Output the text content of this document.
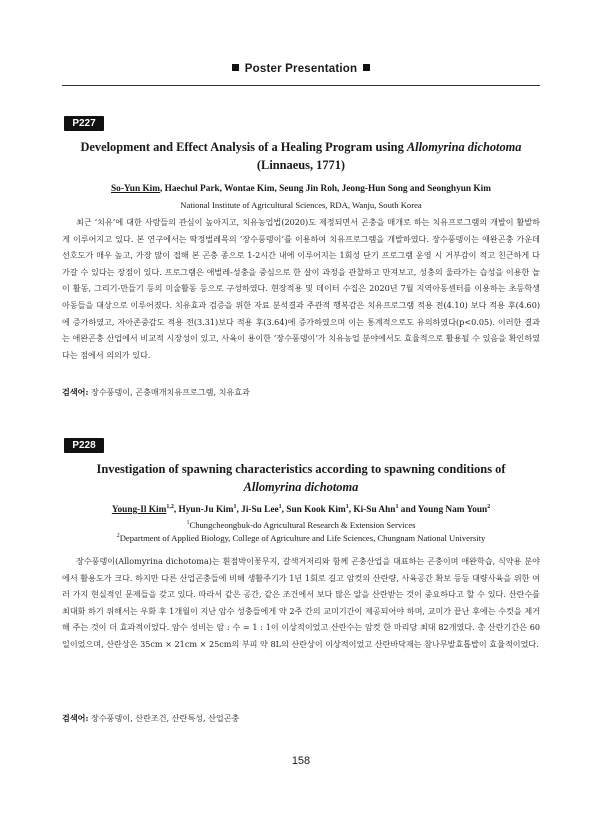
Poster Presentation
P227
Development and Effect Analysis of a Healing Program using Allomyrina dichotoma
(Linnaeus, 1771)
So-Yun Kim, Haechul Park, Wontae Kim, Seung Jin Roh, Jeong-Hun Song and Seonghyun Kim
National Institute of Agricultural Sciences, RDA, Wanju, South Korea
최근 ‘치유’에 대한 사람들의 관심이 높아지고, 치유농업법(2020)도 제정되면서 곤충을 매개로 하는 치유프로그램의 개발이 활발하게 이루어지고 있다. 본 연구에서는 딱정벌레목의 ‘장수풍뎅이’를 이용하여 치유프로그램을 개발하였다. 장수풍뎅이는 애완곤충 가운데 선호도가 매우 높고, 가장 많이 접해 본 곤충 종으로 1-2시간 내에 이루어지는 1회성 단기 프로그램 운영 시 거부감이 적고 친근하게 다가갈 수 있다는 장점이 있다. 프로그램은 애벌레-성충을 중심으로 한 살이 과정을 관찰하고 만져보고, 성충의 울라가는 습성을 이용한 놀이 활동, 그리기-만들기 등의 미술활동 등으로 구성하였다. 현장적용 및 데이터 수집은 2020년 7월 지역아동센터를 이용하는 초등학생 아동들을 대상으로 이루어졌다. 치유효과 검증을 위한 자료 분석결과 주관적 행복감은 치유프로그램 적용 전(4.10) 보다 적용 후(4.60)에 증가하였고, 자아존중감도 적용 전(3.31)보다 적용 후(3.64)에 증가하였으며 이는 통계적으로도 유의하였다(p<0.05). 이러한 결과는 애완곤충 산업에서 비교적 시장성이 있고, 사육이 용이한 ‘장수풍뎅이’가 치유농업 분야에서도 효율적으로 활용될 수 있음을 확인하였다는 점에서 의의가 있다.
검색어: 장수풍뎅이, 곤충매개치유프로그램, 치유효과
P228
Investigation of spawning characteristics according to spawning conditions of
Allomyrina dichotoma
Young-Il Kim$^{1,2}$, Hyun-Ju Kim$^1$, Ji-Su Lee$^1$, Sun Kook Kim$^1$, Ki-Su Ahn$^1$ and Young Nam Youn$^2$
$^1$Chungcheongbuk-do Agricultural Research & Extension Services
$^2$Department of Applied Biology, College of Agriculture and Life Sciences, Chungnam National University
장수풍뎅이(Allomyrina dichotoma)는 흰점박이꽃무지, 갈색거저리와 함께 곤충산업을 대표하는 곤충이며 애완학습, 식약용 분야에서 활용도가 크다. 하지만 다른 산업곤충들에 비해 생활주기가 1년 1회로 길고 암컷의 산란량, 사육공간 확보 등등 대량사육을 위한 여러 가지 현실적인 문제들을 갖고 있다. 따라서 같은 공간, 같은 조건에서 보다 많은 알을 산란받는 것이 중요하다고 할 수 있다. 산란수를 최대화 하기 위해서는 우화 후 1개월이 지난 암수 성충들에게 약 2주 간의 교미기간이 제공되어야 하며, 교미가 끝난 후에는 수컷을 제거해 주는 것이 더 효과적이었다. 암수 성비는 암 : 수 = 1 : 1이 이상적이었고 산란수는 암컷 한 마리당 최대 82개였다. 총 산란기간은 60일이었으며, 산란상은 35cm × 21cm × 25cm의 부피 약 8L의 산란상이 이상적이었고 산란바닥재는 참나무발효톱밥이 효율적이었다.
검색어: 장수풍뎅이, 산란조건, 산란특성, 산업곤충
158
